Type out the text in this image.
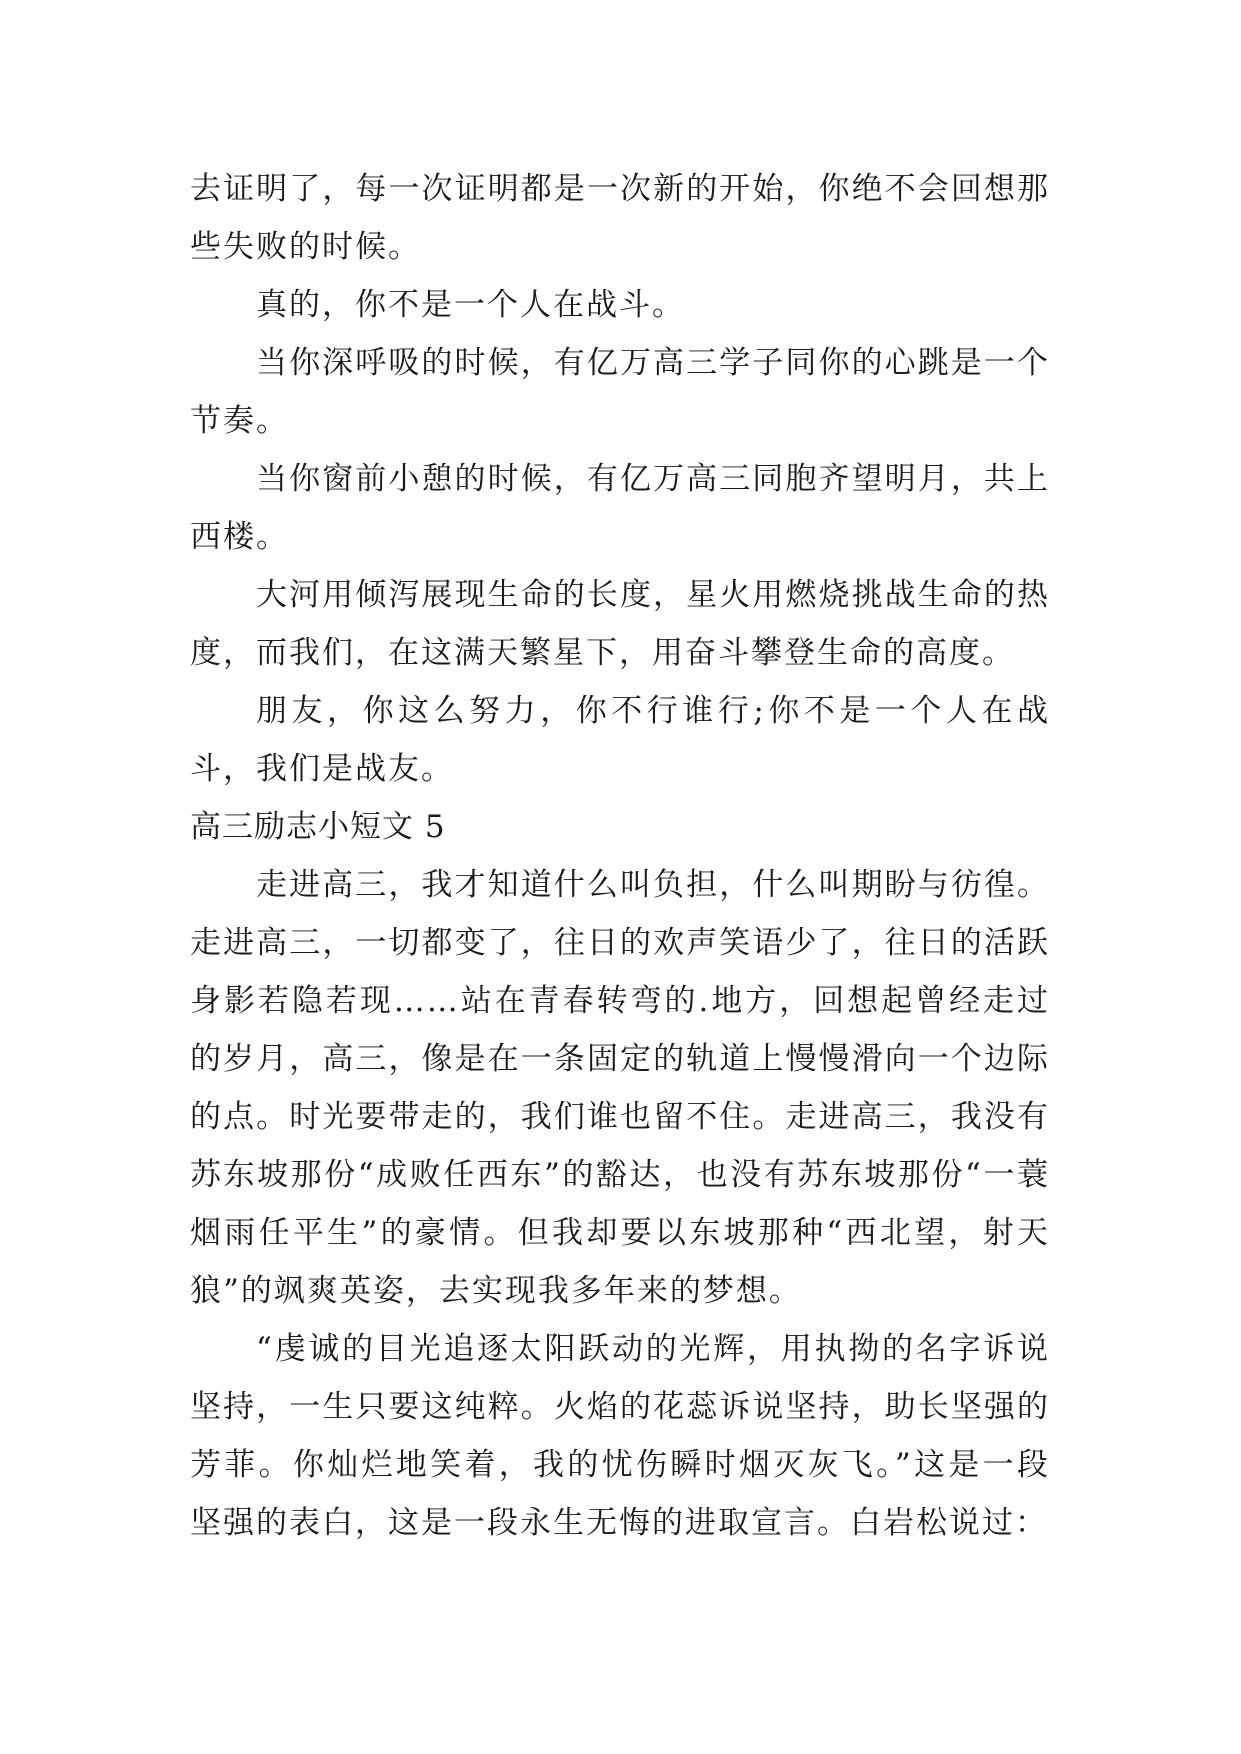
去证明了，每一次证明都是一次新的开始，你绝不会回想那些失败的时候。

真的，你不是一个人在战斗。

当你深呼吸的时候，有亿万高三学子同你的心跳是一个节奏。

当你窗前小憩的时候，有亿万高三同胞齐望明月，共上西楼。

大河用倾泻展现生命的长度，星火用燃烧挑战生命的热度，而我们，在这满天繁星下，用奋斗攀登生命的高度。

朋友，你这么努力，你不行谁行;你不是一个人在战斗，我们是战友。

高三励志小短文 5

走进高三，我才知道什么叫负担，什么叫期盼与彷徨。走进高三，一切都变了，往日的欢声笑语少了，往日的活跃身影若隐若现……站在青春转弯的.地方，回想起曾经走过的岁月，高三，像是在一条固定的轨道上慢慢滑向一个边际的点。时光要带走的，我们谁也留不住。走进高三，我没有苏东坡那份“成败任西东”的豁达，也没有苏东坡那份“一蓑烟雨任平生”的豪情。但我却要以东坡那种“西北望，射天狼”的飒爽英姿，去实现我多年来的梦想。

“虔诚的目光追逐太阳跃动的光辉，用执拗的名字诉说坚持，一生只要这纯粹。火焰的花蕊诉说坚持，助长坚强的芳菲。你灿烂地笑着，我的忧伤瞬时烟灭灰飞。”这是一段坚强的表白，这是一段永生无悔的进取宣言。白岩松说过：
